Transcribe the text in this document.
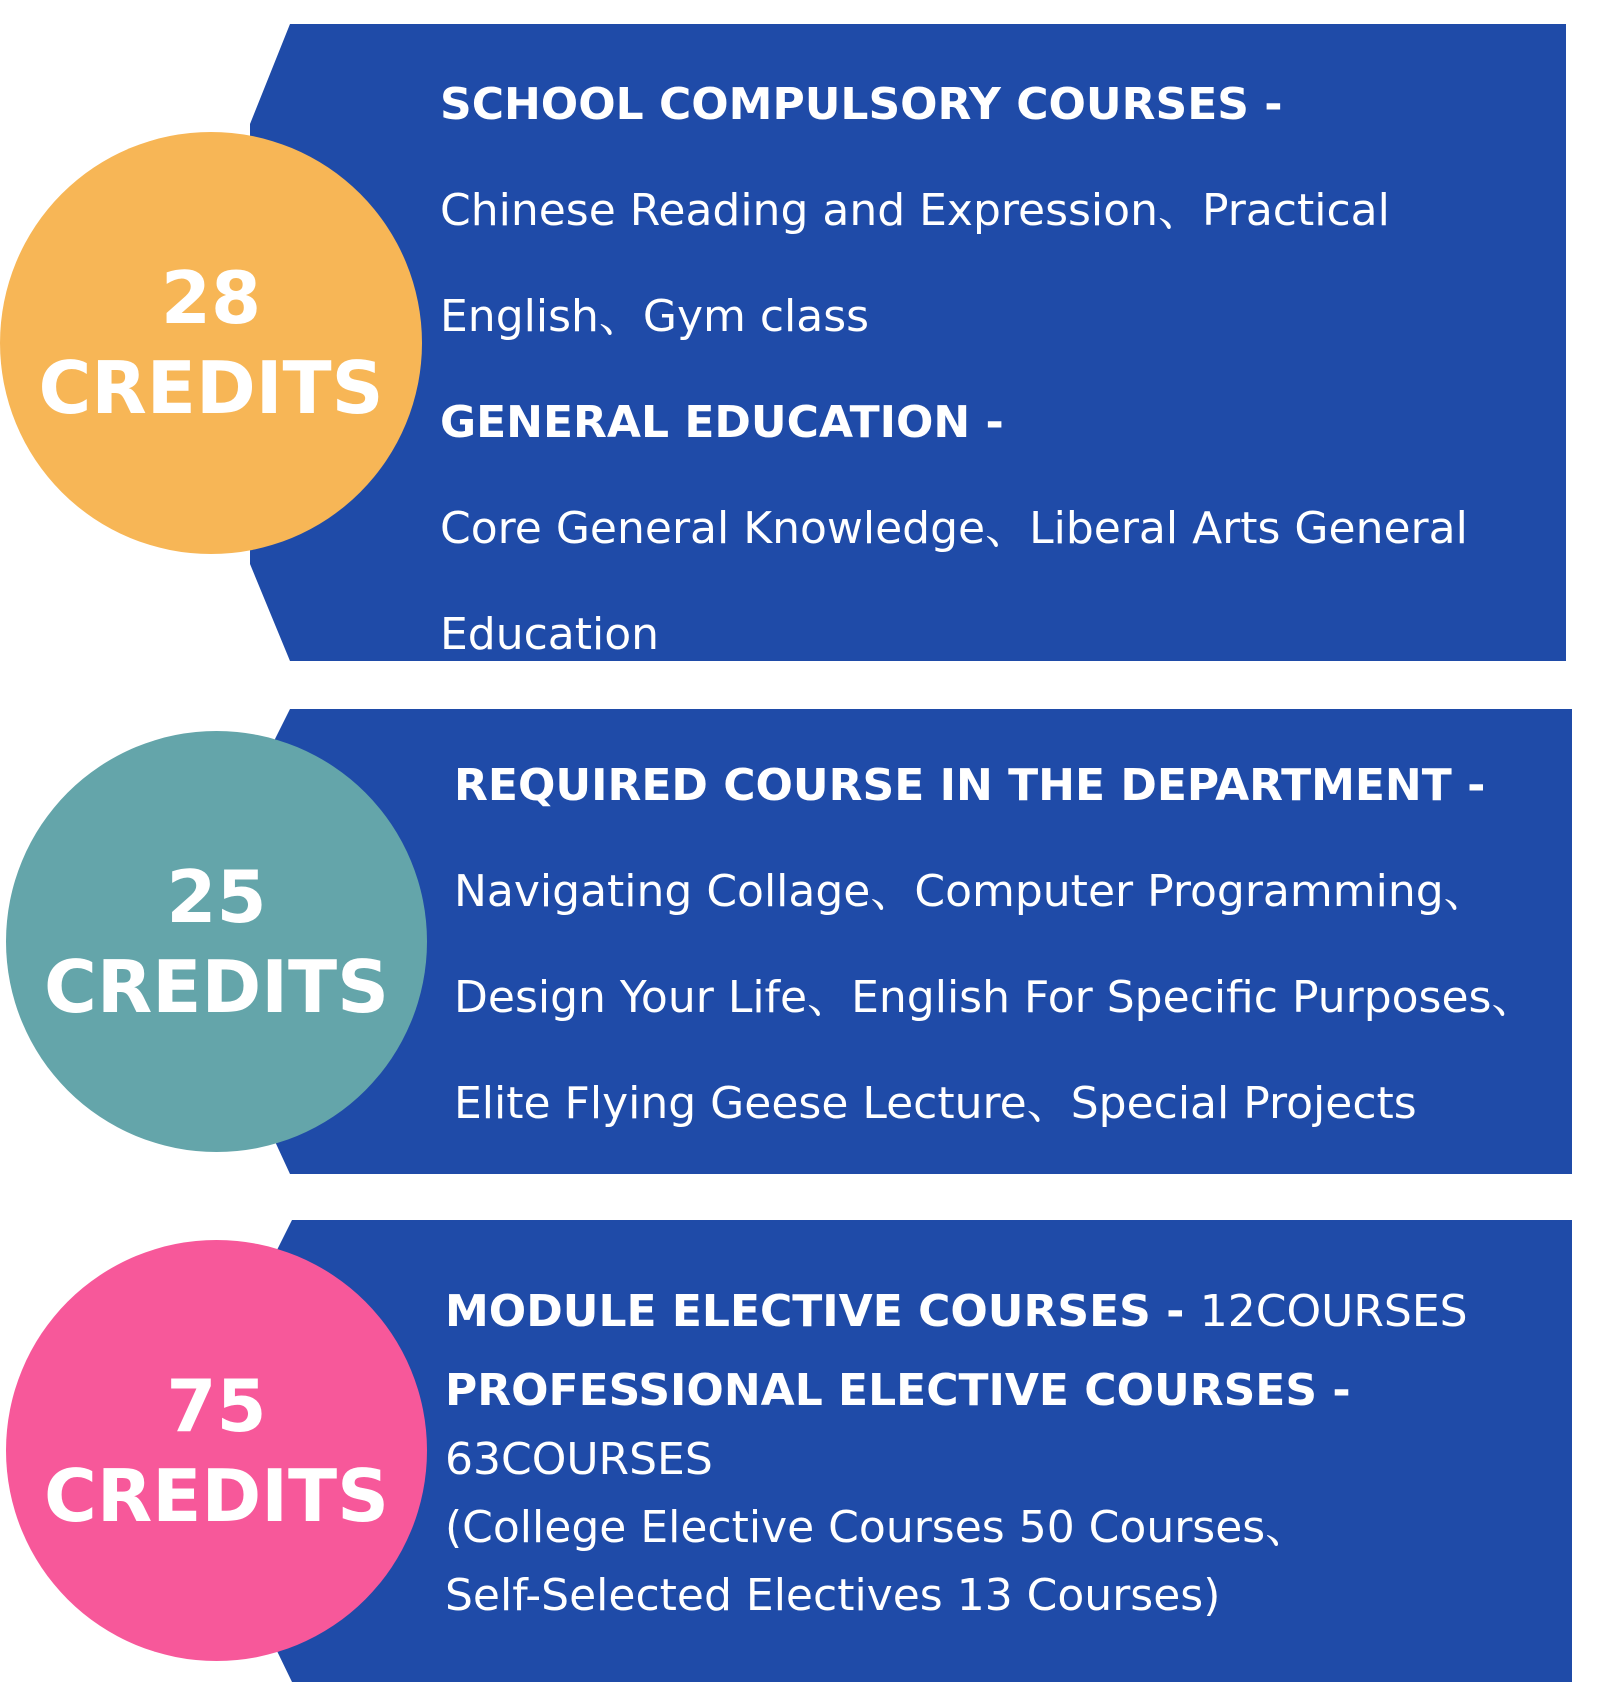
28
CREDITS
SCHOOL COMPULSORY COURSES -
Chinese Reading and Expression、Practical
English、Gym class
GENERAL EDUCATION -
Core General Knowledge、Liberal Arts General
Education
25
CREDITS
REQUIRED COURSE IN THE DEPARTMENT -
Navigating Collage、Computer Programming、
Design Your Life、English For Specific Purposes、
Elite Flying Geese Lecture、Special Projects
75
CREDITS
MODULE ELECTIVE COURSES - 12COURSES
PROFESSIONAL ELECTIVE COURSES -
63COURSES
(College Elective Courses 50 Courses、
Self-Selected Electives 13 Courses)
